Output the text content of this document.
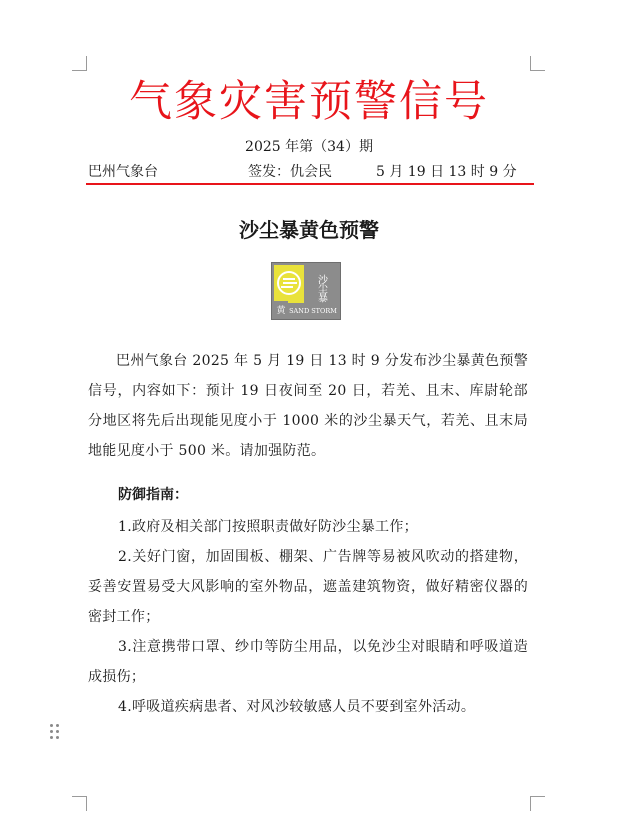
气象灾害预警信号
2025 年第（34）期
巴州气象台	签发：仇会民	5 月 19 日 13 时 9 分
沙尘暴黄色预警
沙尘暴
黄 SAND STORM
巴州气象台 2025 年 5 月 19 日 13 时 9 分发布沙尘暴黄色预警信号，内容如下：预计 19 日夜间至 20 日，若羌、且末、库尉轮部分地区将先后出现能见度小于 1000 米的沙尘暴天气，若羌、且末局地能见度小于 500 米。请加强防范。
防御指南：
1.政府及相关部门按照职责做好防沙尘暴工作；
2.关好门窗，加固围板、棚架、广告牌等易被风吹动的搭建物，妥善安置易受大风影响的室外物品，遮盖建筑物资，做好精密仪器的密封工作；
3.注意携带口罩、纱巾等防尘用品，以免沙尘对眼睛和呼吸道造成损伤；
4.呼吸道疾病患者、对风沙较敏感人员不要到室外活动。
